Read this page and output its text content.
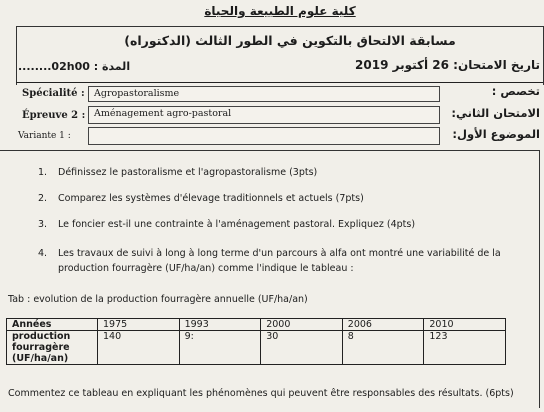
كلية علوم الطبيعة والحياة
مسابقة الالتحاق بالتكوين في الطور الثالث (الدكتوراه)
تاريخ الامتحان: 26 أكتوبر 2019
........02h00 المدة :
Spécialité : Agropastoralisme	تخصص :
Épreuve 2 : Aménagement agro-pastoral	الامتحان الثاني:
Variante 1 :	الموضوع الأول:
1. Définissez le pastoralisme et l'agropastoralisme (3pts)
2. Comparez les systèmes d'élevage traditionnels et actuels (7pts)
3. Le foncier est-il une contrainte à l'aménagement pastoral. Expliquez (4pts)
4. Les travaux de suivi à long à long terme d'un parcours à alfa ont montré une variabilité de la
production fourragère (UF/ha/an) comme l'indique le tableau :
Tab : evolution de la production fourragère annuelle (UF/ha/an)
Années	1975	1993	2000	2006	2010

production
fourragère
(UF/ha/an)	140	9:	30	8	123
Commentez ce tableau en expliquant les phénomènes qui peuvent être responsables des résultats. (6pts)
